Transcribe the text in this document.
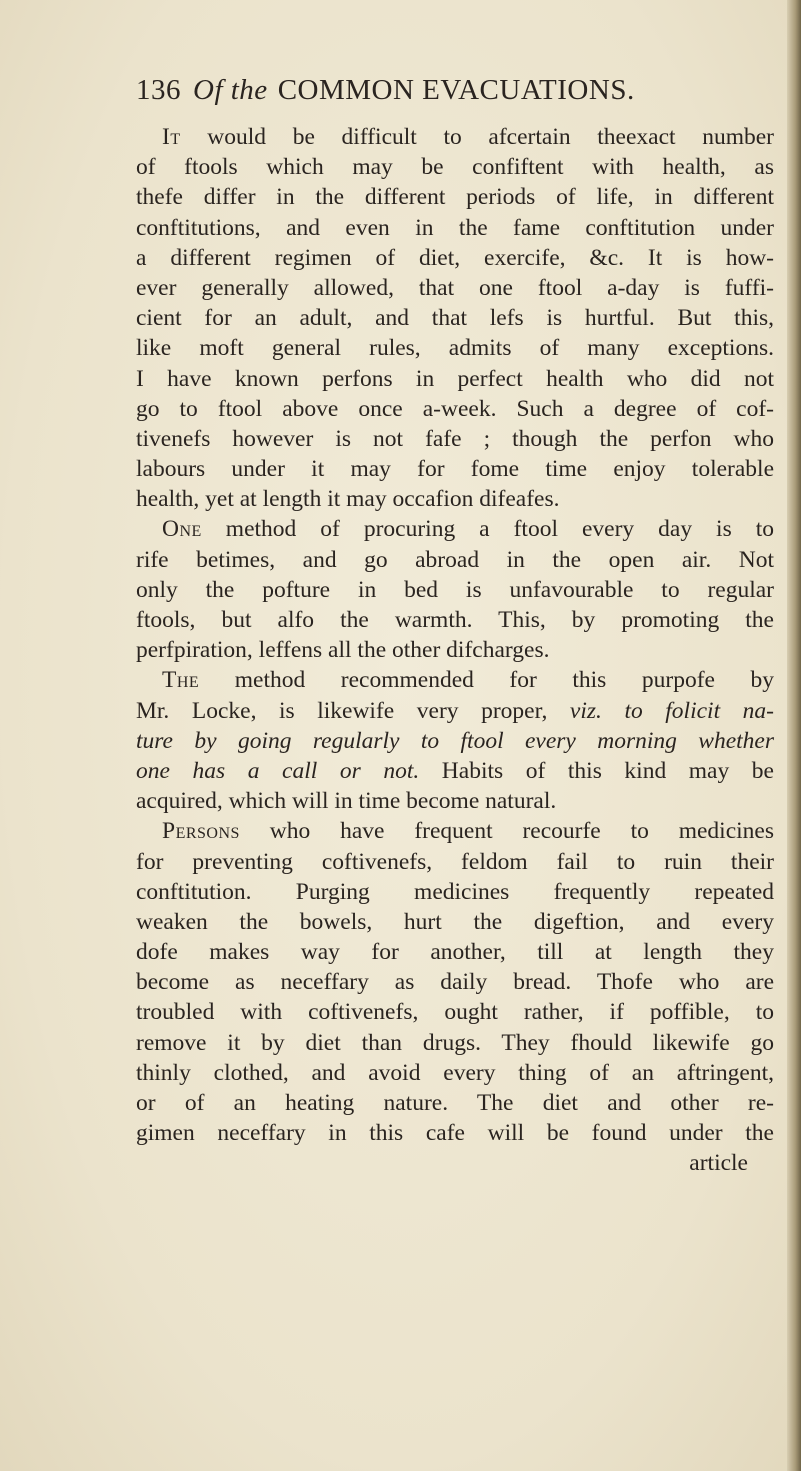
136 Of the COMMON EVACUATIONS.
It would be difficult to afcertain theexact number
of ftools which may be confiftent with health, as
thefe differ in the different periods of life, in different
conftitutions, and even in the fame conftitution under
a different regimen of diet, exercife, &c. It is how-
ever generally allowed, that one ftool a-day is fuffi-
cient for an adult, and that lefs is hurtful. But this,
like moft general rules, admits of many exceptions.
I have known perfons in perfect health who did not
go to ftool above once a-week. Such a degree of cof-
tivenefs however is not fafe ; though the perfon who
labours under it may for fome time enjoy tolerable
health, yet at length it may occafion difeafes.
One method of procuring a ftool every day is to
rife betimes, and go abroad in the open air. Not
only the pofture in bed is unfavourable to regular
ftools, but alfo the warmth. This, by promoting the
perfpiration, leffens all the other difcharges.
The method recommended for this purpofe by
Mr. Locke, is likewife very proper, viz. to folicit na-
ture by going regularly to ftool every morning whether
one has a call or not. Habits of this kind may be
acquired, which will in time become natural.
Persons who have frequent recourfe to medicines
for preventing coftivenefs, feldom fail to ruin their
conftitution. Purging medicines frequently repeated
weaken the bowels, hurt the digeftion, and every
dofe makes way for another, till at length they
become as neceffary as daily bread. Thofe who are
troubled with coftivenefs, ought rather, if poffible, to
remove it by diet than drugs. They fhould likewife go
thinly clothed, and avoid every thing of an aftringent,
or of an heating nature. The diet and other re-
gimen neceffary in this cafe will be found under the
article
